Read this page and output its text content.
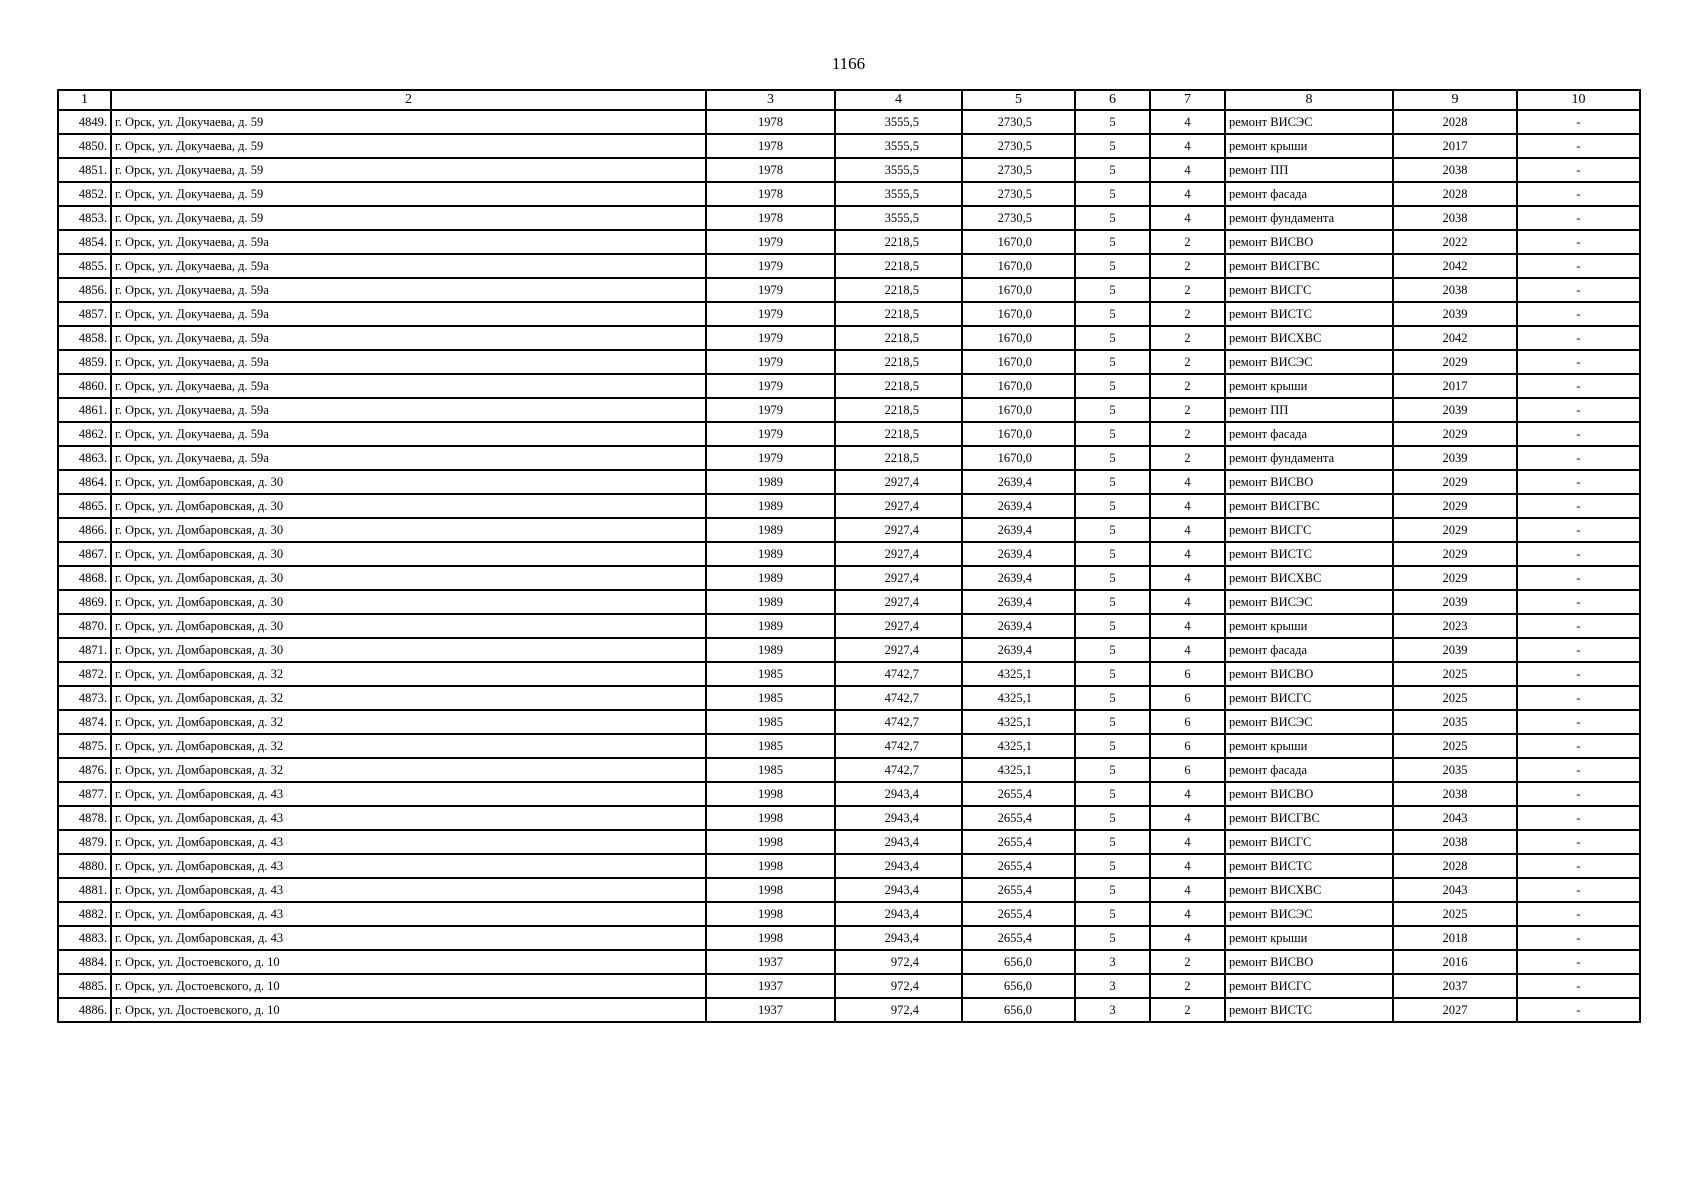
1166
1	2	3	4	5	6	7	8	9	10
4849.	г. Орск, ул. Докучаева, д. 59	1978	3555,5	2730,5	5	4	ремонт ВИСЭС	2028	-
4850.	г. Орск, ул. Докучаева, д. 59	1978	3555,5	2730,5	5	4	ремонт крыши	2017	-
4851.	г. Орск, ул. Докучаева, д. 59	1978	3555,5	2730,5	5	4	ремонт ПП	2038	-
4852.	г. Орск, ул. Докучаева, д. 59	1978	3555,5	2730,5	5	4	ремонт фасада	2028	-
4853.	г. Орск, ул. Докучаева, д. 59	1978	3555,5	2730,5	5	4	ремонт фундамента	2038	-
4854.	г. Орск, ул. Докучаева, д. 59а	1979	2218,5	1670,0	5	2	ремонт ВИСВО	2022	-
4855.	г. Орск, ул. Докучаева, д. 59а	1979	2218,5	1670,0	5	2	ремонт ВИСГВС	2042	-
4856.	г. Орск, ул. Докучаева, д. 59а	1979	2218,5	1670,0	5	2	ремонт ВИСГС	2038	-
4857.	г. Орск, ул. Докучаева, д. 59а	1979	2218,5	1670,0	5	2	ремонт ВИСТС	2039	-
4858.	г. Орск, ул. Докучаева, д. 59а	1979	2218,5	1670,0	5	2	ремонт ВИСХВС	2042	-
4859.	г. Орск, ул. Докучаева, д. 59а	1979	2218,5	1670,0	5	2	ремонт ВИСЭС	2029	-
4860.	г. Орск, ул. Докучаева, д. 59а	1979	2218,5	1670,0	5	2	ремонт крыши	2017	-
4861.	г. Орск, ул. Докучаева, д. 59а	1979	2218,5	1670,0	5	2	ремонт ПП	2039	-
4862.	г. Орск, ул. Докучаева, д. 59а	1979	2218,5	1670,0	5	2	ремонт фасада	2029	-
4863.	г. Орск, ул. Докучаева, д. 59а	1979	2218,5	1670,0	5	2	ремонт фундамента	2039	-
4864.	г. Орск, ул. Домбаровская, д. 30	1989	2927,4	2639,4	5	4	ремонт ВИСВО	2029	-
4865.	г. Орск, ул. Домбаровская, д. 30	1989	2927,4	2639,4	5	4	ремонт ВИСГВС	2029	-
4866.	г. Орск, ул. Домбаровская, д. 30	1989	2927,4	2639,4	5	4	ремонт ВИСГС	2029	-
4867.	г. Орск, ул. Домбаровская, д. 30	1989	2927,4	2639,4	5	4	ремонт ВИСТС	2029	-
4868.	г. Орск, ул. Домбаровская, д. 30	1989	2927,4	2639,4	5	4	ремонт ВИСХВС	2029	-
4869.	г. Орск, ул. Домбаровская, д. 30	1989	2927,4	2639,4	5	4	ремонт ВИСЭС	2039	-
4870.	г. Орск, ул. Домбаровская, д. 30	1989	2927,4	2639,4	5	4	ремонт крыши	2023	-
4871.	г. Орск, ул. Домбаровская, д. 30	1989	2927,4	2639,4	5	4	ремонт фасада	2039	-
4872.	г. Орск, ул. Домбаровская, д. 32	1985	4742,7	4325,1	5	6	ремонт ВИСВО	2025	-
4873.	г. Орск, ул. Домбаровская, д. 32	1985	4742,7	4325,1	5	6	ремонт ВИСГС	2025	-
4874.	г. Орск, ул. Домбаровская, д. 32	1985	4742,7	4325,1	5	6	ремонт ВИСЭС	2035	-
4875.	г. Орск, ул. Домбаровская, д. 32	1985	4742,7	4325,1	5	6	ремонт крыши	2025	-
4876.	г. Орск, ул. Домбаровская, д. 32	1985	4742,7	4325,1	5	6	ремонт фасада	2035	-
4877.	г. Орск, ул. Домбаровская, д. 43	1998	2943,4	2655,4	5	4	ремонт ВИСВО	2038	-
4878.	г. Орск, ул. Домбаровская, д. 43	1998	2943,4	2655,4	5	4	ремонт ВИСГВС	2043	-
4879.	г. Орск, ул. Домбаровская, д. 43	1998	2943,4	2655,4	5	4	ремонт ВИСГС	2038	-
4880.	г. Орск, ул. Домбаровская, д. 43	1998	2943,4	2655,4	5	4	ремонт ВИСТС	2028	-
4881.	г. Орск, ул. Домбаровская, д. 43	1998	2943,4	2655,4	5	4	ремонт ВИСХВС	2043	-
4882.	г. Орск, ул. Домбаровская, д. 43	1998	2943,4	2655,4	5	4	ремонт ВИСЭС	2025	-
4883.	г. Орск, ул. Домбаровская, д. 43	1998	2943,4	2655,4	5	4	ремонт крыши	2018	-
4884.	г. Орск, ул. Достоевского, д. 10	1937	972,4	656,0	3	2	ремонт ВИСВО	2016	-
4885.	г. Орск, ул. Достоевского, д. 10	1937	972,4	656,0	3	2	ремонт ВИСГС	2037	-
4886.	г. Орск, ул. Достоевского, д. 10	1937	972,4	656,0	3	2	ремонт ВИСТС	2027	-
